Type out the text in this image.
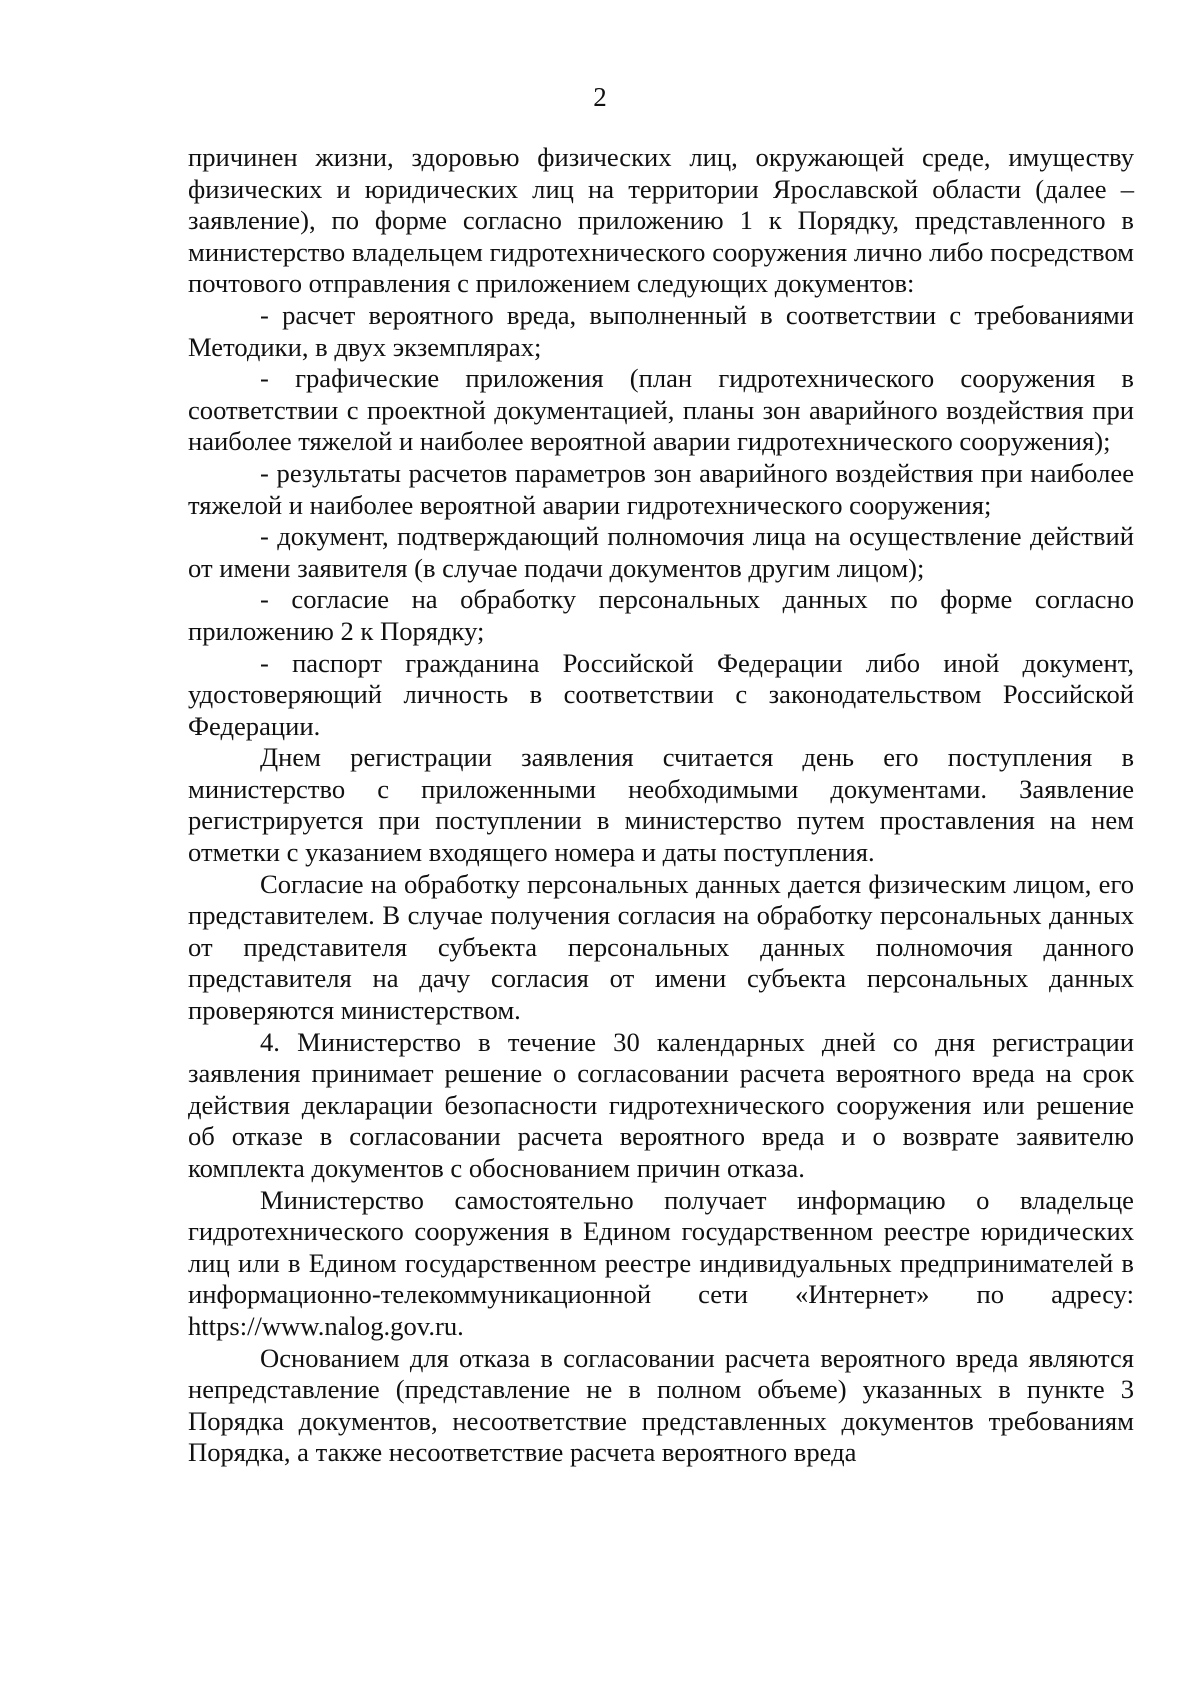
2

причинен жизни, здоровью физических лиц, окружающей среде, имуществу физических и юридических лиц на территории Ярославской области (далее – заявление), по форме согласно приложению 1 к Порядку, представленного в министерство владельцем гидротехнического сооружения лично либо посредством почтового отправления с приложением следующих документов:

- расчет вероятного вреда, выполненный в соответствии с требованиями Методики, в двух экземплярах;

- графические приложения (план гидротехнического сооружения в соответствии с проектной документацией, планы зон аварийного воздействия при наиболее тяжелой и наиболее вероятной аварии гидротехнического сооружения);

- результаты расчетов параметров зон аварийного воздействия при наиболее тяжелой и наиболее вероятной аварии гидротехнического сооружения;

- документ, подтверждающий полномочия лица на осуществление действий от имени заявителя (в случае подачи документов другим лицом);

- согласие на обработку персональных данных по форме согласно приложению 2 к Порядку;

- паспорт гражданина Российской Федерации либо иной документ, удостоверяющий личность в соответствии с законодательством Российской Федерации.

Днем регистрации заявления считается день его поступления в министерство с приложенными необходимыми документами. Заявление регистрируется при поступлении в министерство путем проставления на нем отметки с указанием входящего номера и даты поступления.

Согласие на обработку персональных данных дается физическим лицом, его представителем. В случае получения согласия на обработку персональных данных от представителя субъекта персональных данных полномочия данного представителя на дачу согласия от имени субъекта персональных данных проверяются министерством.

4. Министерство в течение 30 календарных дней со дня регистрации заявления принимает решение о согласовании расчета вероятного вреда на срок действия декларации безопасности гидротехнического сооружения или решение об отказе в согласовании расчета вероятного вреда и о возврате заявителю комплекта документов с обоснованием причин отказа.

Министерство самостоятельно получает информацию о владельце гидротехнического сооружения в Едином государственном реестре юридических лиц или в Едином государственном реестре индивидуальных предпринимателей в информационно-телекоммуникационной сети «Интернет» по адресу: https://www.nalog.gov.ru.

Основанием для отказа в согласовании расчета вероятного вреда являются непредставление (представление не в полном объеме) указанных в пункте 3 Порядка документов, несоответствие представленных документов требованиям Порядка, а также несоответствие расчета вероятного вреда
